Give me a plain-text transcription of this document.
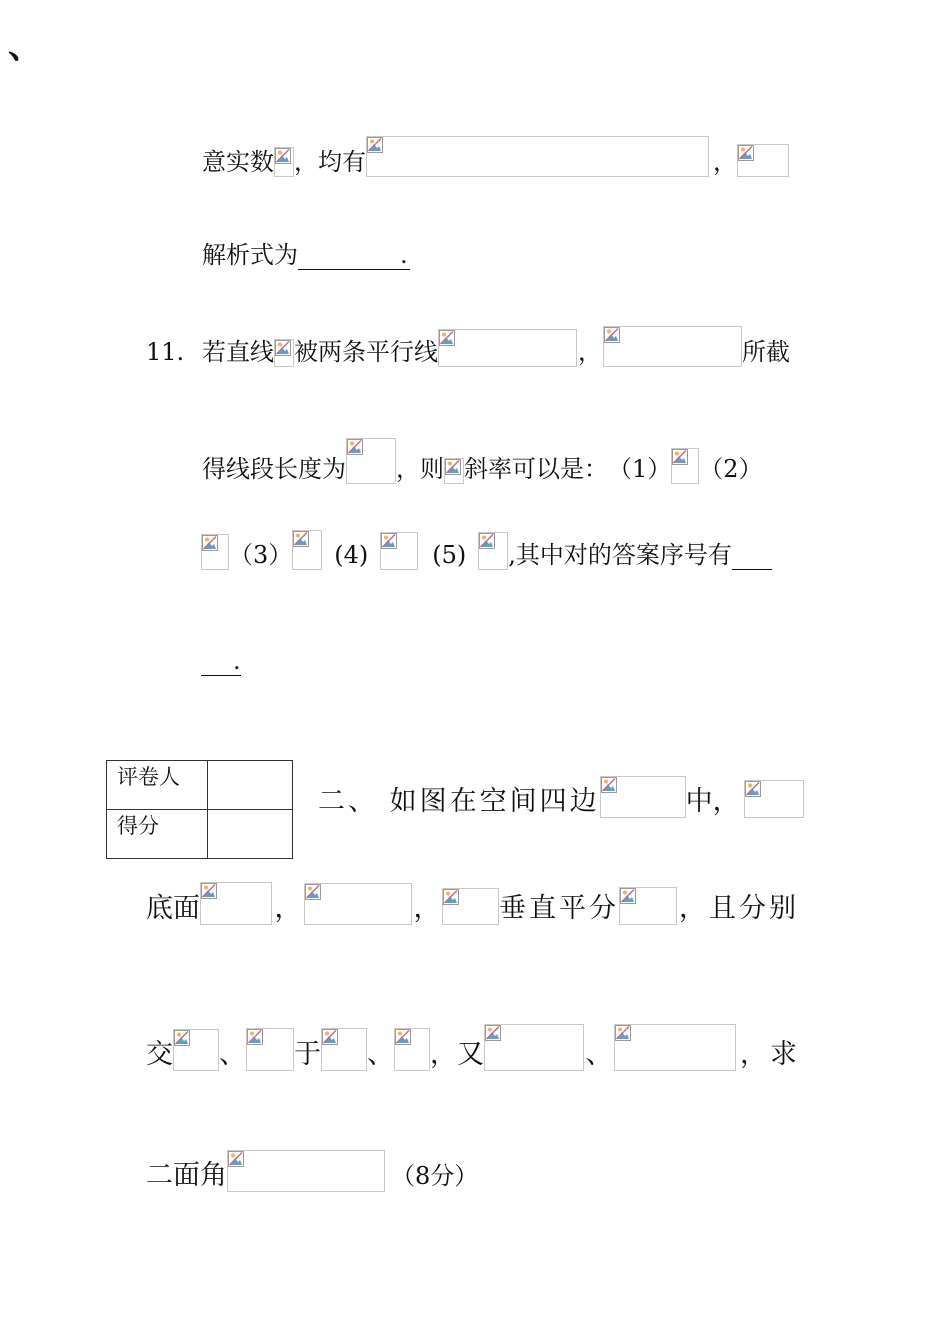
、
意实数 ，均有	，
解析式为	.
11. 若直线 被两条平行线	，	所截
得线段长度为 ，则 斜率可以是： （1） （2）
（3） (4)	(5) ,其中对的答案序号有
.
评卷人	
得分	
二、 如图在空间四边	中，
底面	，	， 垂直平分 ，且分别
交 、 于 、 ，又	、	，求
二面角	（8分）
